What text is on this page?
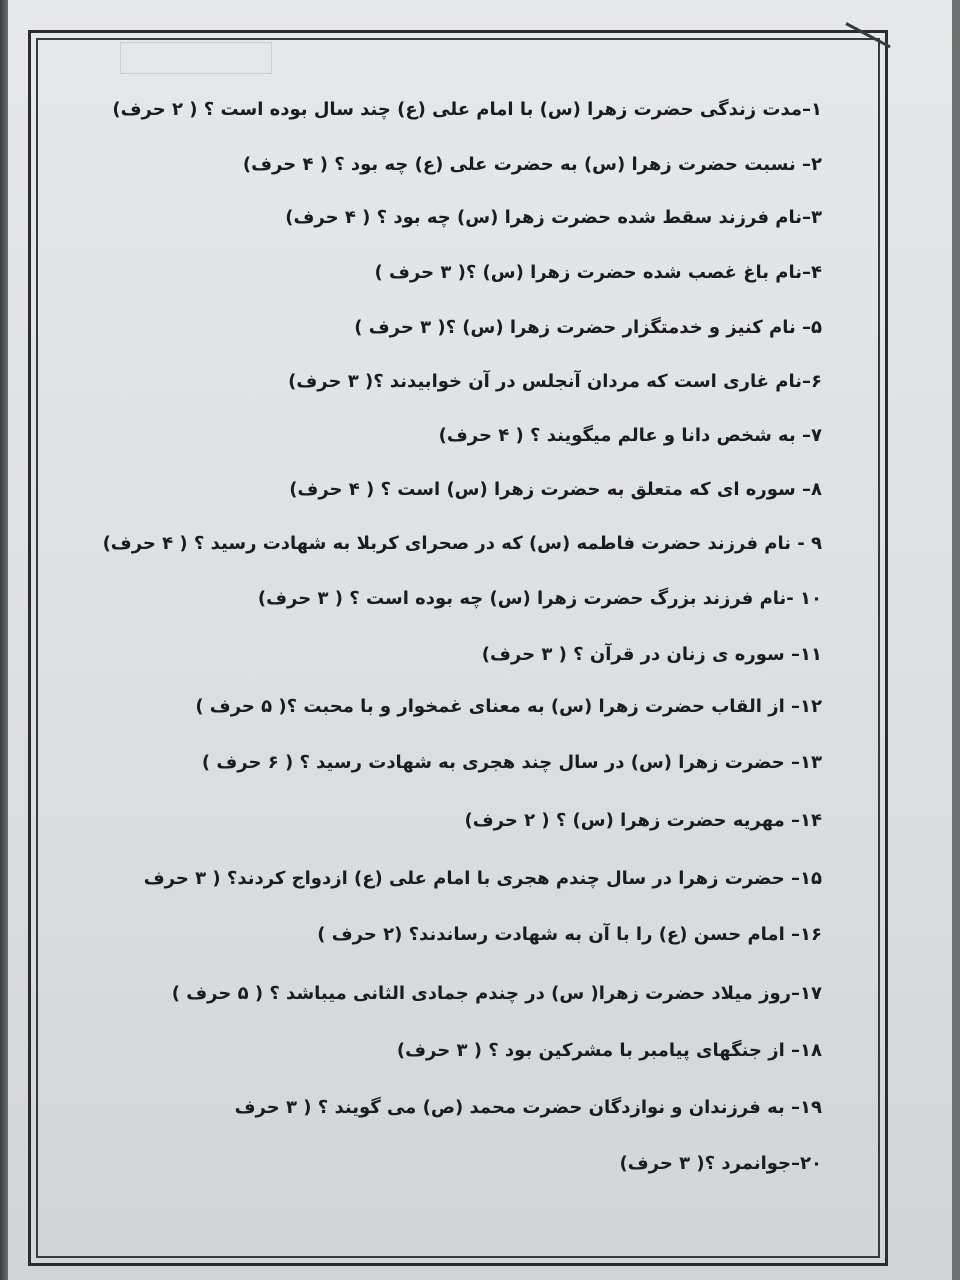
۱–مدت زندگی حضرت زهرا (س) با امام علی (ع) چند سال بوده است ؟ ( ۲ حرف)
۲– نسبت حضرت زهرا (س) به حضرت علی (ع) چه بود ؟ ( ۴ حرف)
۳–نام فرزند سقط شده حضرت زهرا (س) چه بود ؟ ( ۴ حرف)
۴–نام باغ غصب شده حضرت زهرا (س) ؟( ۳ حرف )
۵– نام کنیز و خدمتگزار حضرت زهرا (س) ؟( ۳ حرف )
۶–نام غاری است که مردان آنجلس در آن خوابیدند ؟( ۳ حرف)
۷– به شخص دانا و عالم میگویند ؟ ( ۴ حرف)
۸– سوره ای که متعلق به حضرت زهرا (س) است ؟ ( ۴ حرف)
۹ - نام فرزند حضرت فاطمه (س) که در صحرای کربلا به شهادت رسید ؟ ( ۴ حرف)
۱۰ -نام فرزند بزرگ حضرت زهرا (س) چه بوده است ؟ ( ۳ حرف)
۱۱– سوره ی زنان در قرآن ؟ ( ۳ حرف)
۱۲– از القاب حضرت زهرا (س) به معنای غمخوار و با محبت ؟( ۵ حرف )
۱۳– حضرت زهرا (س) در سال چند هجری به شهادت رسید ؟ ( ۶ حرف )
۱۴– مهریه حضرت زهرا (س) ؟ ( ۲ حرف)
۱۵– حضرت زهرا در سال چندم هجری با امام علی (ع) ازدواج کردند؟ ( ۳ حرف
۱۶– امام حسن (ع) را با آن به شهادت رساندند؟ (۲ حرف )
۱۷–روز میلاد حضرت زهرا( س) در چندم جمادی الثانی میباشد ؟ ( ۵ حرف )
۱۸– از جنگهای پیامبر با مشرکین بود ؟ ( ۳ حرف)
۱۹– به فرزندان و نوازدگان حضرت محمد (ص) می گویند ؟ ( ۳ حرف
۲۰–جوانمرد ؟( ۳ حرف)
